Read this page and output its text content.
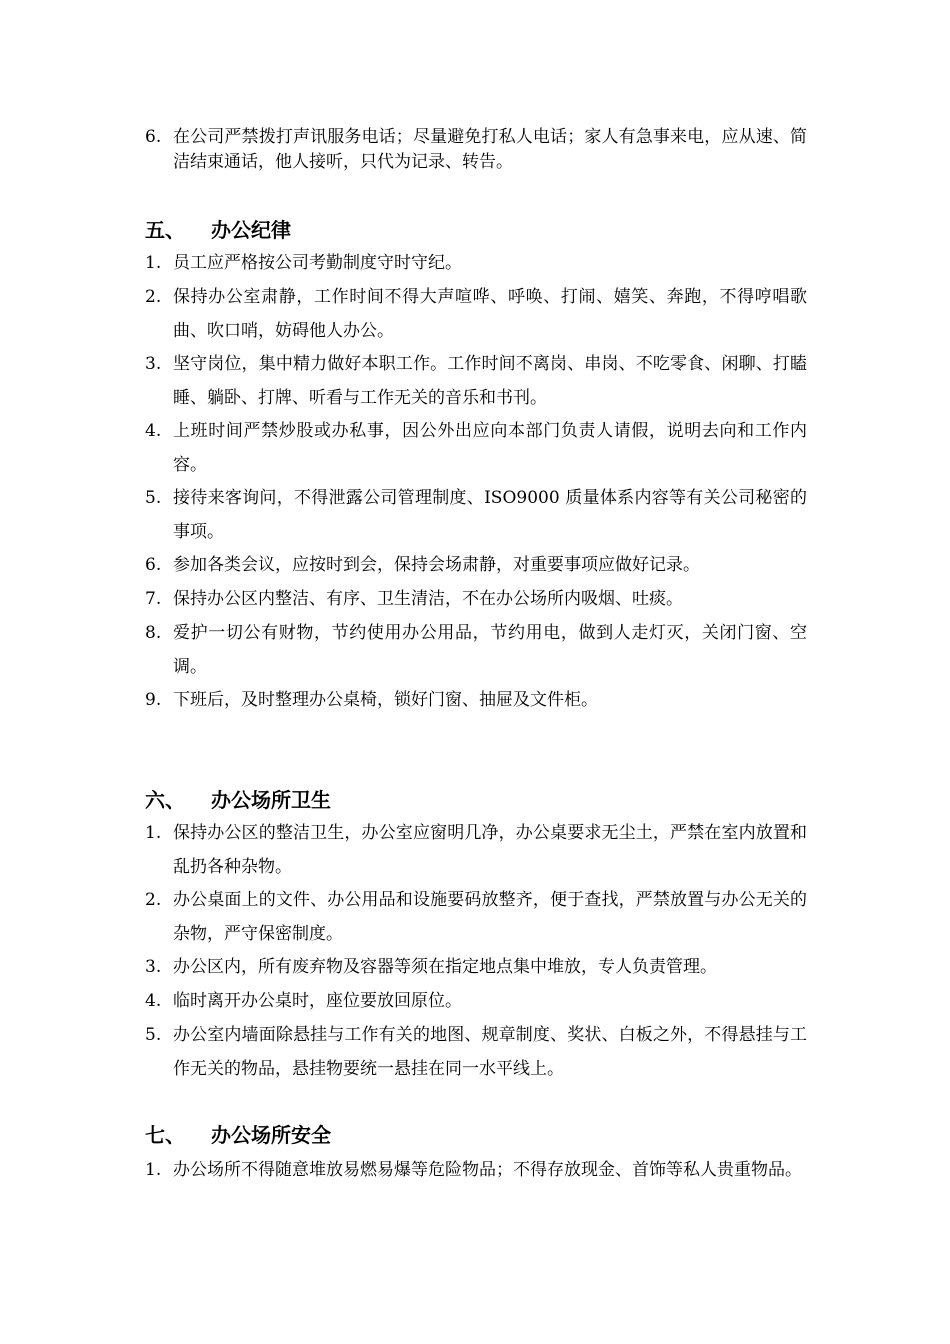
6. 在公司严禁拨打声讯服务电话；尽量避免打私人电话；家人有急事来电，应从速、简洁结束通话，他人接听，只代为记录、转告。
五、 办公纪律
1. 员工应严格按公司考勤制度守时守纪。
2. 保持办公室肃静，工作时间不得大声喧哗、呼唤、打闹、嬉笑、奔跑，不得哼唱歌曲、吹口哨，妨碍他人办公。
3. 坚守岗位，集中精力做好本职工作。工作时间不离岗、串岗、不吃零食、闲聊、打瞌睡、躺卧、打牌、听看与工作无关的音乐和书刊。
4. 上班时间严禁炒股或办私事，因公外出应向本部门负责人请假，说明去向和工作内容。
5. 接待来客询问，不得泄露公司管理制度、ISO9000 质量体系内容等有关公司秘密的事项。
6. 参加各类会议，应按时到会，保持会场肃静，对重要事项应做好记录。
7. 保持办公区内整洁、有序、卫生清洁，不在办公场所内吸烟、吐痰。
8. 爱护一切公有财物，节约使用办公用品，节约用电，做到人走灯灭，关闭门窗、空调。
9. 下班后，及时整理办公桌椅，锁好门窗、抽屉及文件柜。
六、 办公场所卫生
1. 保持办公区的整洁卫生，办公室应窗明几净，办公桌要求无尘土，严禁在室内放置和乱扔各种杂物。
2. 办公桌面上的文件、办公用品和设施要码放整齐，便于查找，严禁放置与办公无关的杂物，严守保密制度。
3. 办公区内，所有废弃物及容器等须在指定地点集中堆放，专人负责管理。
4. 临时离开办公桌时，座位要放回原位。
5. 办公室内墙面除悬挂与工作有关的地图、规章制度、奖状、白板之外，不得悬挂与工作无关的物品，悬挂物要统一悬挂在同一水平线上。
七、 办公场所安全
1. 办公场所不得随意堆放易燃易爆等危险物品；不得存放现金、首饰等私人贵重物品。
